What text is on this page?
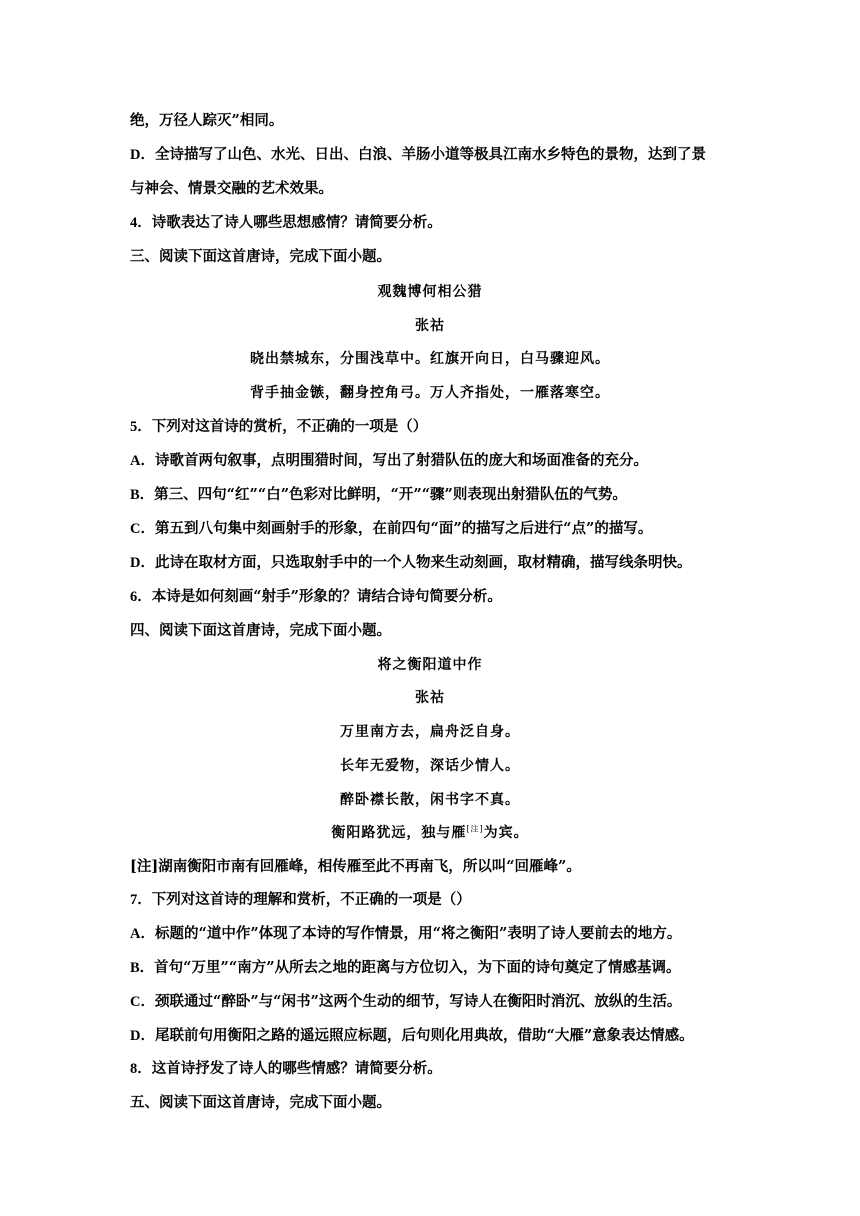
绝，万径人踪灭”相同。
D．全诗描写了山色、水光、日出、白浪、羊肠小道等极具江南水乡特色的景物，达到了景
与神会、情景交融的艺术效果。
4．诗歌表达了诗人哪些思想感情？请简要分析。
三、阅读下面这首唐诗，完成下面小题。
观魏博何相公猎
张祜
晓出禁城东，分围浅草中。红旗开向日，白马骤迎风。
背手抽金镞，翻身控角弓。万人齐指处，一雁落寒空。
5．下列对这首诗的赏析，不正确的一项是（）
A．诗歌首两句叙事，点明围猎时间，写出了射猎队伍的庞大和场面准备的充分。
B．第三、四句“红”“白”色彩对比鲜明，“开”“骤”则表现出射猎队伍的气势。
C．第五到八句集中刻画射手的形象，在前四句“面”的描写之后进行“点”的描写。
D．此诗在取材方面，只选取射手中的一个人物来生动刻画，取材精确，描写线条明快。
6．本诗是如何刻画“射手”形象的？请结合诗句简要分析。
四、阅读下面这首唐诗，完成下面小题。
将之衡阳道中作
张祜
万里南方去，扁舟泛自身。
长年无爱物，深话少情人。
醉卧襟长散，闲书字不真。
衡阳路犹远，独与雁[注]为宾。
[注]湖南衡阳市南有回雁峰，相传雁至此不再南飞，所以叫“回雁峰”。
7．下列对这首诗的理解和赏析，不正确的一项是（）
A．标题的“道中作”体现了本诗的写作情景，用“将之衡阳”表明了诗人要前去的地方。
B．首句“万里”“南方”从所去之地的距离与方位切入，为下面的诗句奠定了情感基调。
C．颈联通过“醉卧”与“闲书”这两个生动的细节，写诗人在衡阳时消沉、放纵的生活。
D．尾联前句用衡阳之路的遥远照应标题，后句则化用典故，借助“大雁”意象表达情感。
8．这首诗抒发了诗人的哪些情感？请简要分析。
五、阅读下面这首唐诗，完成下面小题。
